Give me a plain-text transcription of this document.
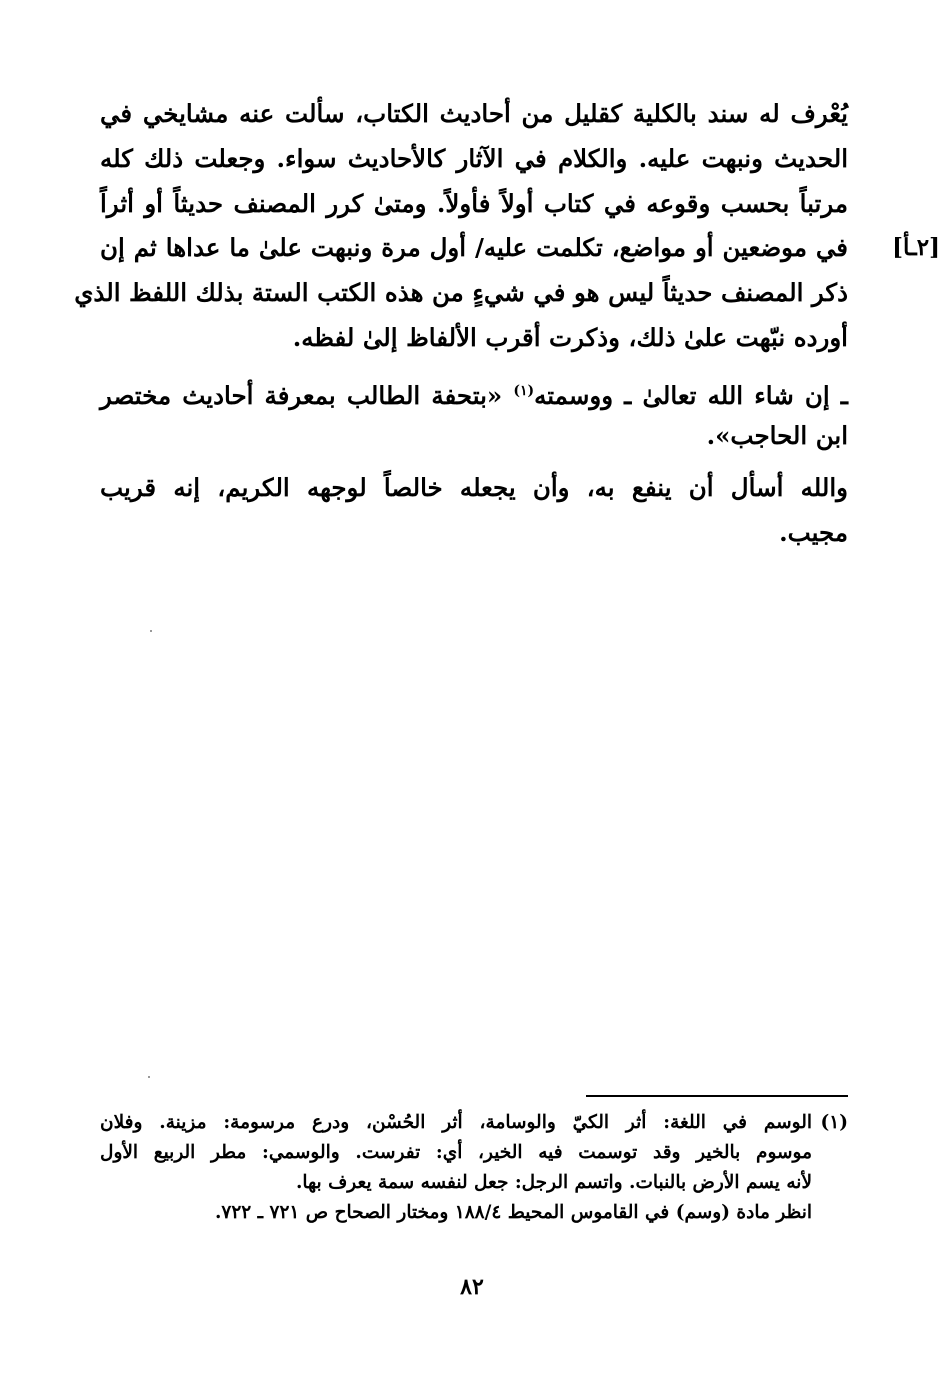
يُعْرف له سند بالكلية كقليل من أحاديث الكتاب، سألت عنه مشايخي في
الحديث ونبهت عليه. والكلام في الآثار كالأحاديث سواء. وجعلت ذلك كله
مرتباً بحسب وقوعه في كتاب أولاً فأولاً. ومتىٰ كرر المصنف حديثاً أو أثراً
في موضعين أو مواضع، تكلمت عليه/ أول مرة ونبهت علىٰ ما عداها ثم إن [٢ـأ]
ذكر المصنف حديثاً ليس هو في شيءٍ من هذه الكتب الستة بذلك اللفظ الذي
أورده نبّهت علىٰ ذلك، وذكرت أقرب الألفاظ إلىٰ لفظه.
ـ إن شاء الله تعالىٰ ـ ووسمته$^{(١)}$ «بتحفة الطالب بمعرفة أحاديث مختصر
ابن الحاجب».
والله أسأل أن ينفع به، وأن يجعله خالصاً لوجهه الكريم، إنه قريب
مجيب.
(١)الوسم في اللغة: أثر الكيّ والوسامة، أثر الحُسْن، ودرع مرسومة: مزينة. وفلان
موسوم بالخير وقد توسمت فيه الخير، أي: تفرست. والوسمي: مطر الربيع الأول
لأنه يسم الأرض بالنبات. واتسم الرجل: جعل لنفسه سمة يعرف بها.
انظر مادة (وسم) في القاموس المحيط ١٨٨/٤ ومختار الصحاح ص ٧٢١ ـ ٧٢٢.
٨٢
